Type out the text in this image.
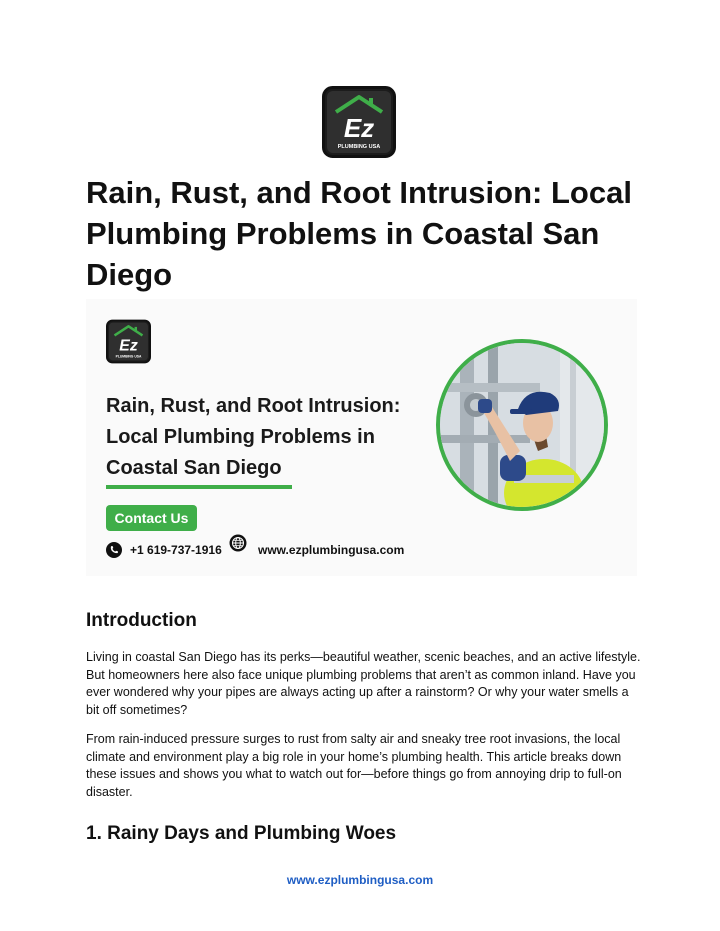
Ez
PLUMBING USA
Rain, Rust, and Root Intrusion: Local Plumbing Problems in Coastal San Diego
Ez
PLUMBING USA
Rain, Rust, and Root Intrusion: Local Plumbing Problems in Coastal San Diego
Contact Us
+1 619-737-1916	www.ezplumbingusa.com
Introduction

Living in coastal San Diego has its perks—beautiful weather, scenic beaches, and an active lifestyle. But homeowners here also face unique plumbing problems that aren’t as common inland. Have you ever wondered why your pipes are always acting up after a rainstorm? Or why your water smells a bit off sometimes?

From rain-induced pressure surges to rust from salty air and sneaky tree root invasions, the local climate and environment play a big role in your home’s plumbing health. This article breaks down these issues and shows you what to watch out for—before things go from annoying drip to full-on disaster.

1. Rainy Days and Plumbing Woes
www.ezplumbingusa.com
